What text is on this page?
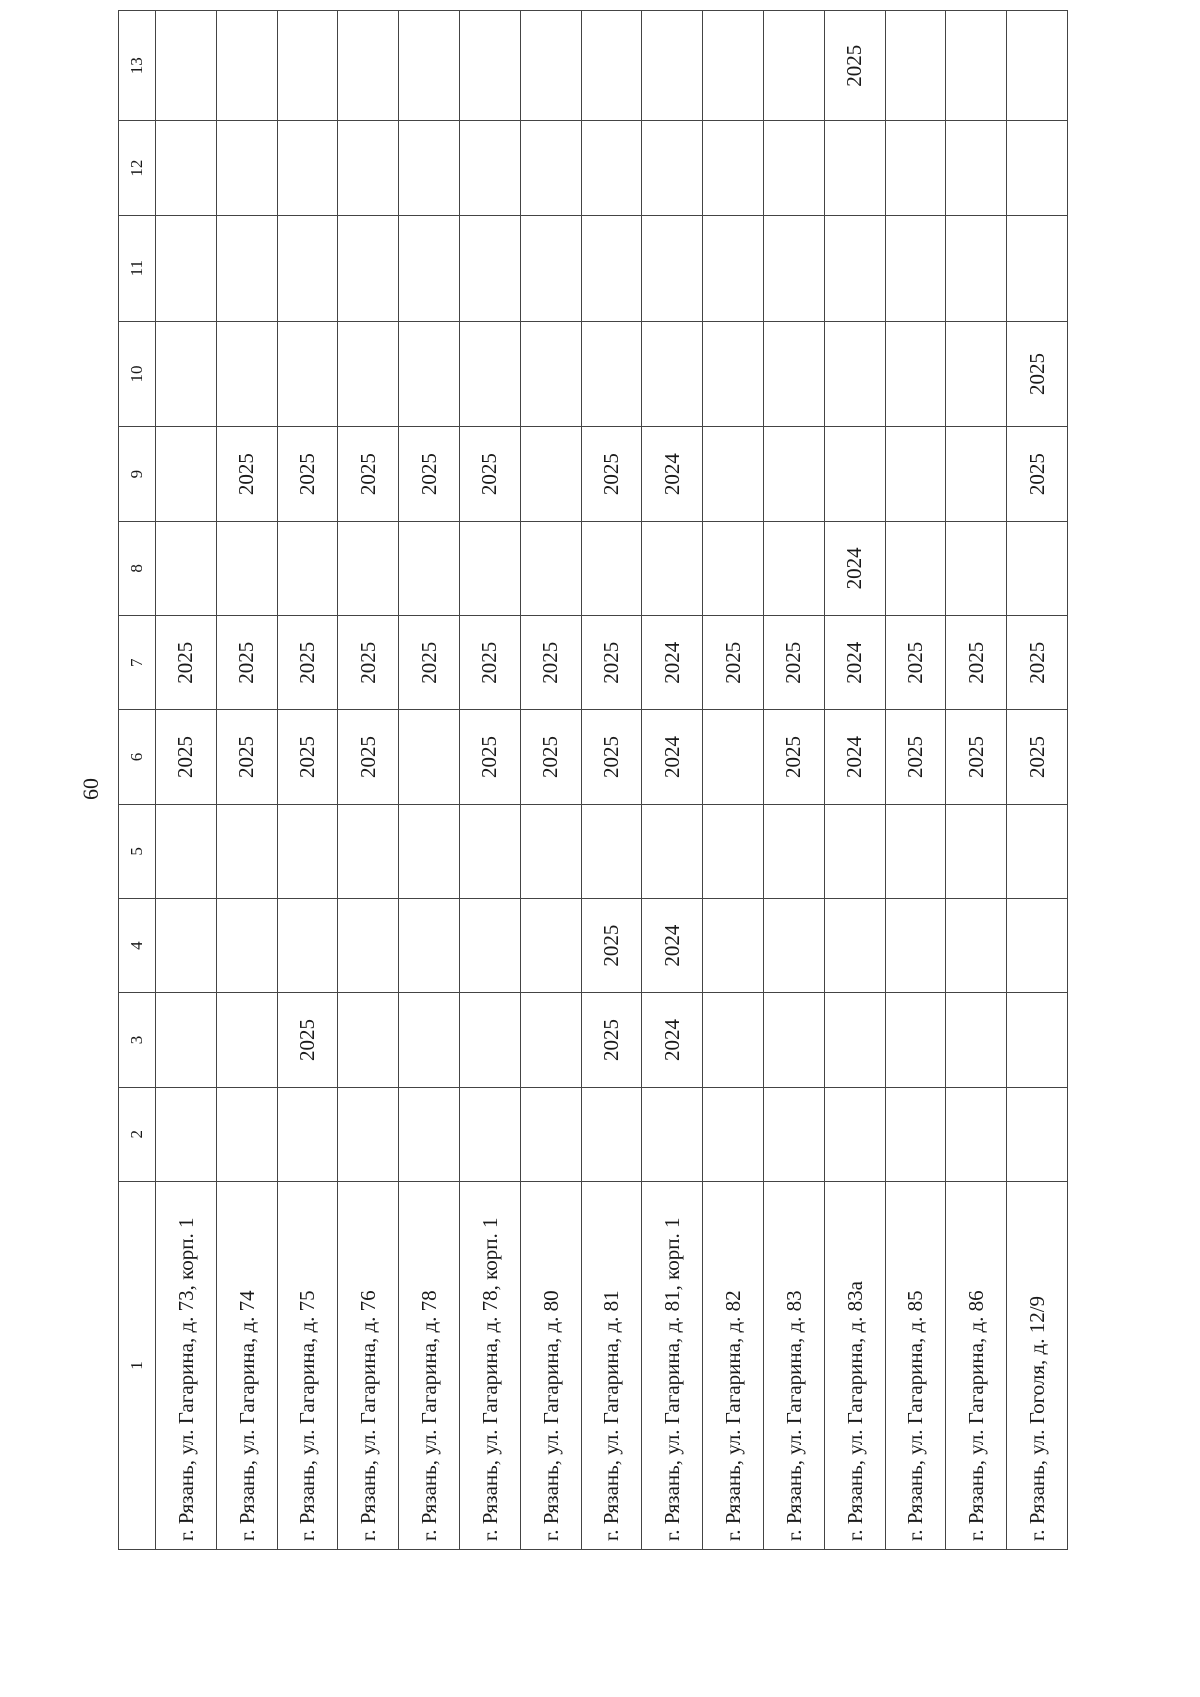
60
1	2	3	4	5	6	7	8	9	10	11	12	13
г. Рязань, ул. Гагарина, д. 73, корп. 1					2025	2025						
г. Рязань, ул. Гагарина, д. 74					2025	2025		2025				
г. Рязань, ул. Гагарина, д. 75		2025			2025	2025		2025				
г. Рязань, ул. Гагарина, д. 76					2025	2025		2025				
г. Рязань, ул. Гагарина, д. 78						2025		2025				
г. Рязань, ул. Гагарина, д. 78, корп. 1					2025	2025		2025				
г. Рязань, ул. Гагарина, д. 80					2025	2025						
г. Рязань, ул. Гагарина, д. 81		2025	2025		2025	2025		2025				
г. Рязань, ул. Гагарина, д. 81, корп. 1		2024	2024		2024	2024		2024				
г. Рязань, ул. Гагарина, д. 82						2025						
г. Рязань, ул. Гагарина, д. 83					2025	2025						
г. Рязань, ул. Гагарина, д. 83а					2024	2024	2024					2025
г. Рязань, ул. Гагарина, д. 85					2025	2025						
г. Рязань, ул. Гагарина, д. 86					2025	2025						
г. Рязань, ул. Гоголя, д. 12/9					2025	2025		2025	2025			
